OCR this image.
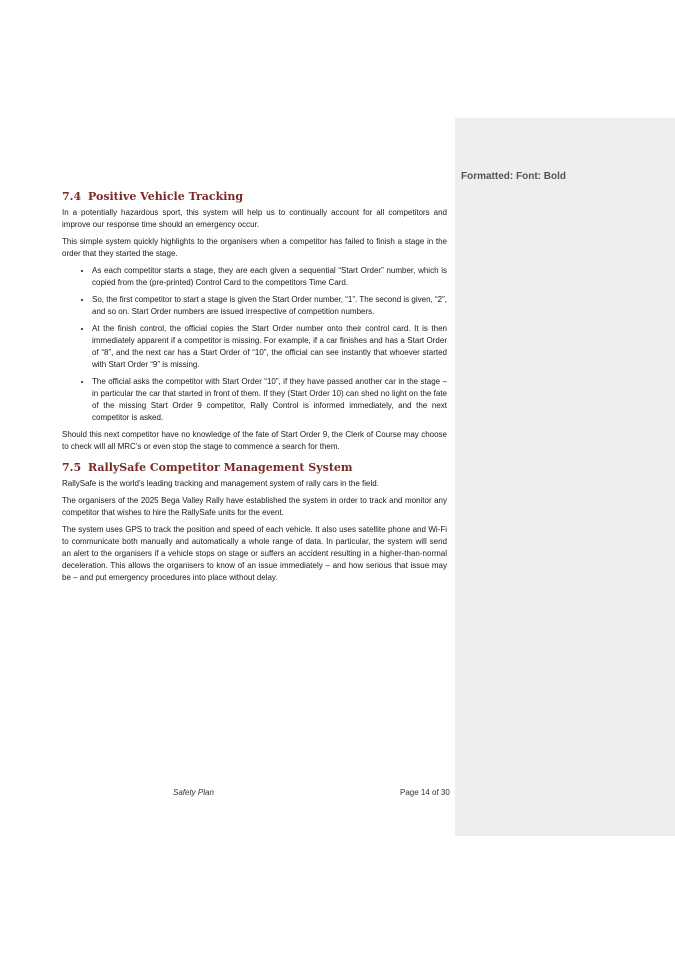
Formatted: Font: Bold
7.4 Positive Vehicle Tracking

In a potentially hazardous sport, this system will help us to continually account for all competitors and improve our response time should an emergency occur.

This simple system quickly highlights to the organisers when a competitor has failed to finish a stage in the order that they started the stage.

• As each competitor starts a stage, they are each given a sequential “Start Order” number, which is copied from the (pre-printed) Control Card to the competitors Time Card.
• So, the first competitor to start a stage is given the Start Order number, “1”. The second is given, “2”, and so on. Start Order numbers are issued irrespective of competition numbers.
• At the finish control, the official copies the Start Order number onto their control card. It is then immediately apparent if a competitor is missing. For example, if a car finishes and has a Start Order of “8”, and the next car has a Start Order of “10”, the official can see instantly that whoever started with Start Order “9” is missing.
• The official asks the competitor with Start Order “10”, if they have passed another car in the stage – in particular the car that started in front of them. If they (Start Order 10) can shed no light on the fate of the missing Start Order 9 competitor, Rally Control is informed immediately, and the next competitor is asked.

Should this next competitor have no knowledge of the fate of Start Order 9, the Clerk of Course may choose to check will all MRC’s or even stop the stage to commence a search for them.

7.5 RallySafe Competitor Management System

RallySafe is the world’s leading tracking and management system of rally cars in the field.

The organisers of the 2025 Bega Valley Rally have established the system in order to track and monitor any competitor that wishes to hire the RallySafe units for the event.

The system uses GPS to track the position and speed of each vehicle. It also uses satellite phone and Wi-Fi to communicate both manually and automatically a whole range of data. In particular, the system will send an alert to the organisers if a vehicle stops on stage or suffers an accident resulting in a higher-than-normal deceleration. This allows the organisers to know of an issue immediately – and how serious that issue may be – and put emergency procedures into place without delay.

Safety Plan	Page 14 of 30
